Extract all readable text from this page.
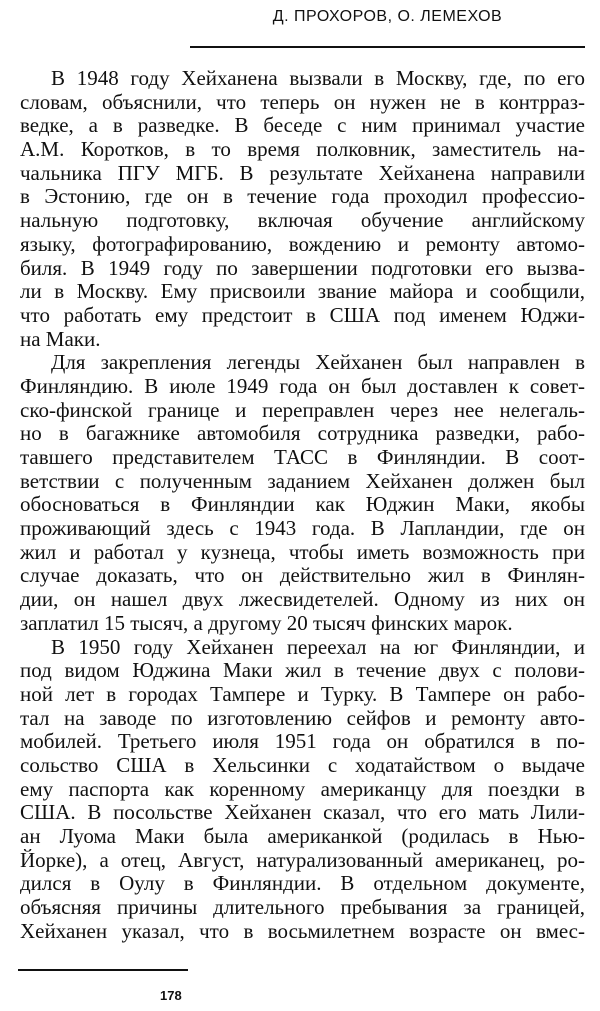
Д. ПРОХОРОВ, О. ЛЕМЕХОВ
В 1948 году Хейханена вызвали в Москву, где, по его
словам, объяснили, что теперь он нужен не в контрраз-
ведке, а в разведке. В беседе с ним принимал участие
А.М. Коротков, в то время полковник, заместитель на-
чальника ПГУ МГБ. В результате Хейханена направили
в Эстонию, где он в течение года проходил профессио-
нальную подготовку, включая обучение английскому
языку, фотографированию, вождению и ремонту автомо-
биля. В 1949 году по завершении подготовки его вызва-
ли в Москву. Ему присвоили звание майора и сообщили,
что работать ему предстоит в США под именем Юджи-
на Маки.
Для закрепления легенды Хейханен был направлен в
Финляндию. В июле 1949 года он был доставлен к совет-
ско-финской границе и переправлен через нее нелегаль-
но в багажнике автомобиля сотрудника разведки, рабо-
тавшего представителем ТАСС в Финляндии. В соот-
ветствии с полученным заданием Хейханен должен был
обосноваться в Финляндии как Юджин Маки, якобы
проживающий здесь с 1943 года. В Лапландии, где он
жил и работал у кузнеца, чтобы иметь возможность при
случае доказать, что он действительно жил в Финлян-
дии, он нашел двух лжесвидетелей. Одному из них он
заплатил 15 тысяч, а другому 20 тысяч финских марок.
В 1950 году Хейханен переехал на юг Финляндии, и
под видом Юджина Маки жил в течение двух с полови-
ной лет в городах Тампере и Турку. В Тампере он рабо-
тал на заводе по изготовлению сейфов и ремонту авто-
мобилей. Третьего июля 1951 года он обратился в по-
сольство США в Хельсинки с ходатайством о выдаче
ему паспорта как коренному американцу для поездки в
США. В посольстве Хейханен сказал, что его мать Лили-
ан Луома Маки была американкой (родилась в Нью-
Йорке), а отец, Август, натурализованный американец, ро-
дился в Оулу в Финляндии. В отдельном документе,
объясняя причины длительного пребывания за границей,
Хейханен указал, что в восьмилетнем возрасте он вмес-
178
